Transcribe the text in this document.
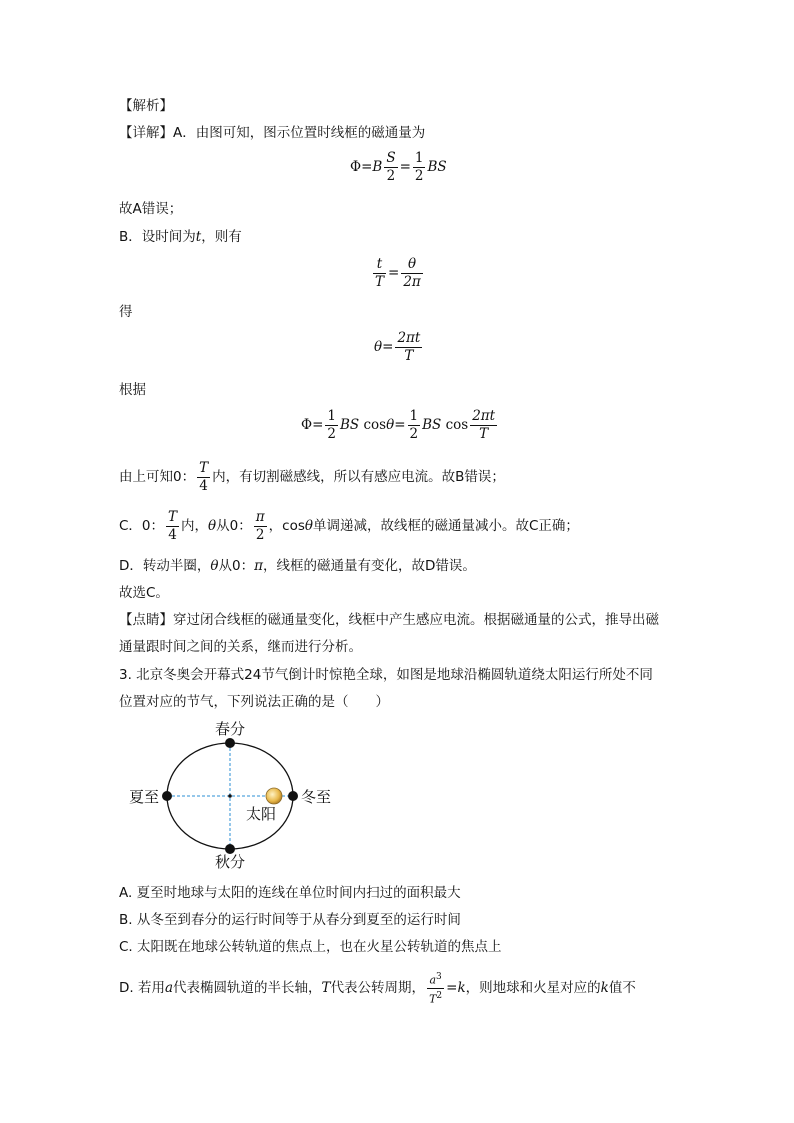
【解析】
【详解】A．由图可知，图示位置时线框的磁通量为
$\Phi=B \frac{S}{2} = \frac{1}{2}$ BS
故A错误；
B．设时间为t，则有
$\frac{t}{T} = \frac{\theta}{2\pi}$
得
$\theta= \frac{2\pi t}{T}$
根据
$\Phi= \frac{1}{2}$ BS $\cos\theta= \frac{1}{2}$ BS $\cos \frac{2\pi t}{T}$
由上可知0： $\frac{T}{4}$ 内，有切割磁感线，所以有感应电流。故B错误；
C．0： $\frac{T}{4}$ 内，θ从0： $\frac{\pi}{2}$ ，cosθ单调递减，故线框的磁通量减小。故C正确；
D．转动半圈，θ从0：π，线框的磁通量有变化，故D错误。
故选C。
【点睛】穿过闭合线框的磁通量变化，线框中产生感应电流。根据磁通量的公式，推导出磁
通量跟时间之间的关系，继而进行分析。
3. 北京冬奥会开幕式24节气倒计时惊艳全球，如图是地球沿椭圆轨道绕太阳运行所处不同
位置对应的节气，下列说法正确的是（　　）
春分
夏至	冬至
秋分
太阳
A. 夏至时地球与太阳的连线在单位时间内扫过的面积最大
B. 从冬至到春分的运行时间等于从春分到夏至的运行时间
C. 太阳既在地球公转轨道的焦点上，也在火星公转轨道的焦点上
D. 若用a代表椭圆轨道的半长轴，T代表公转周期， $\frac{a^3}{T^2} =k$，则地球和火星对应的k值不
